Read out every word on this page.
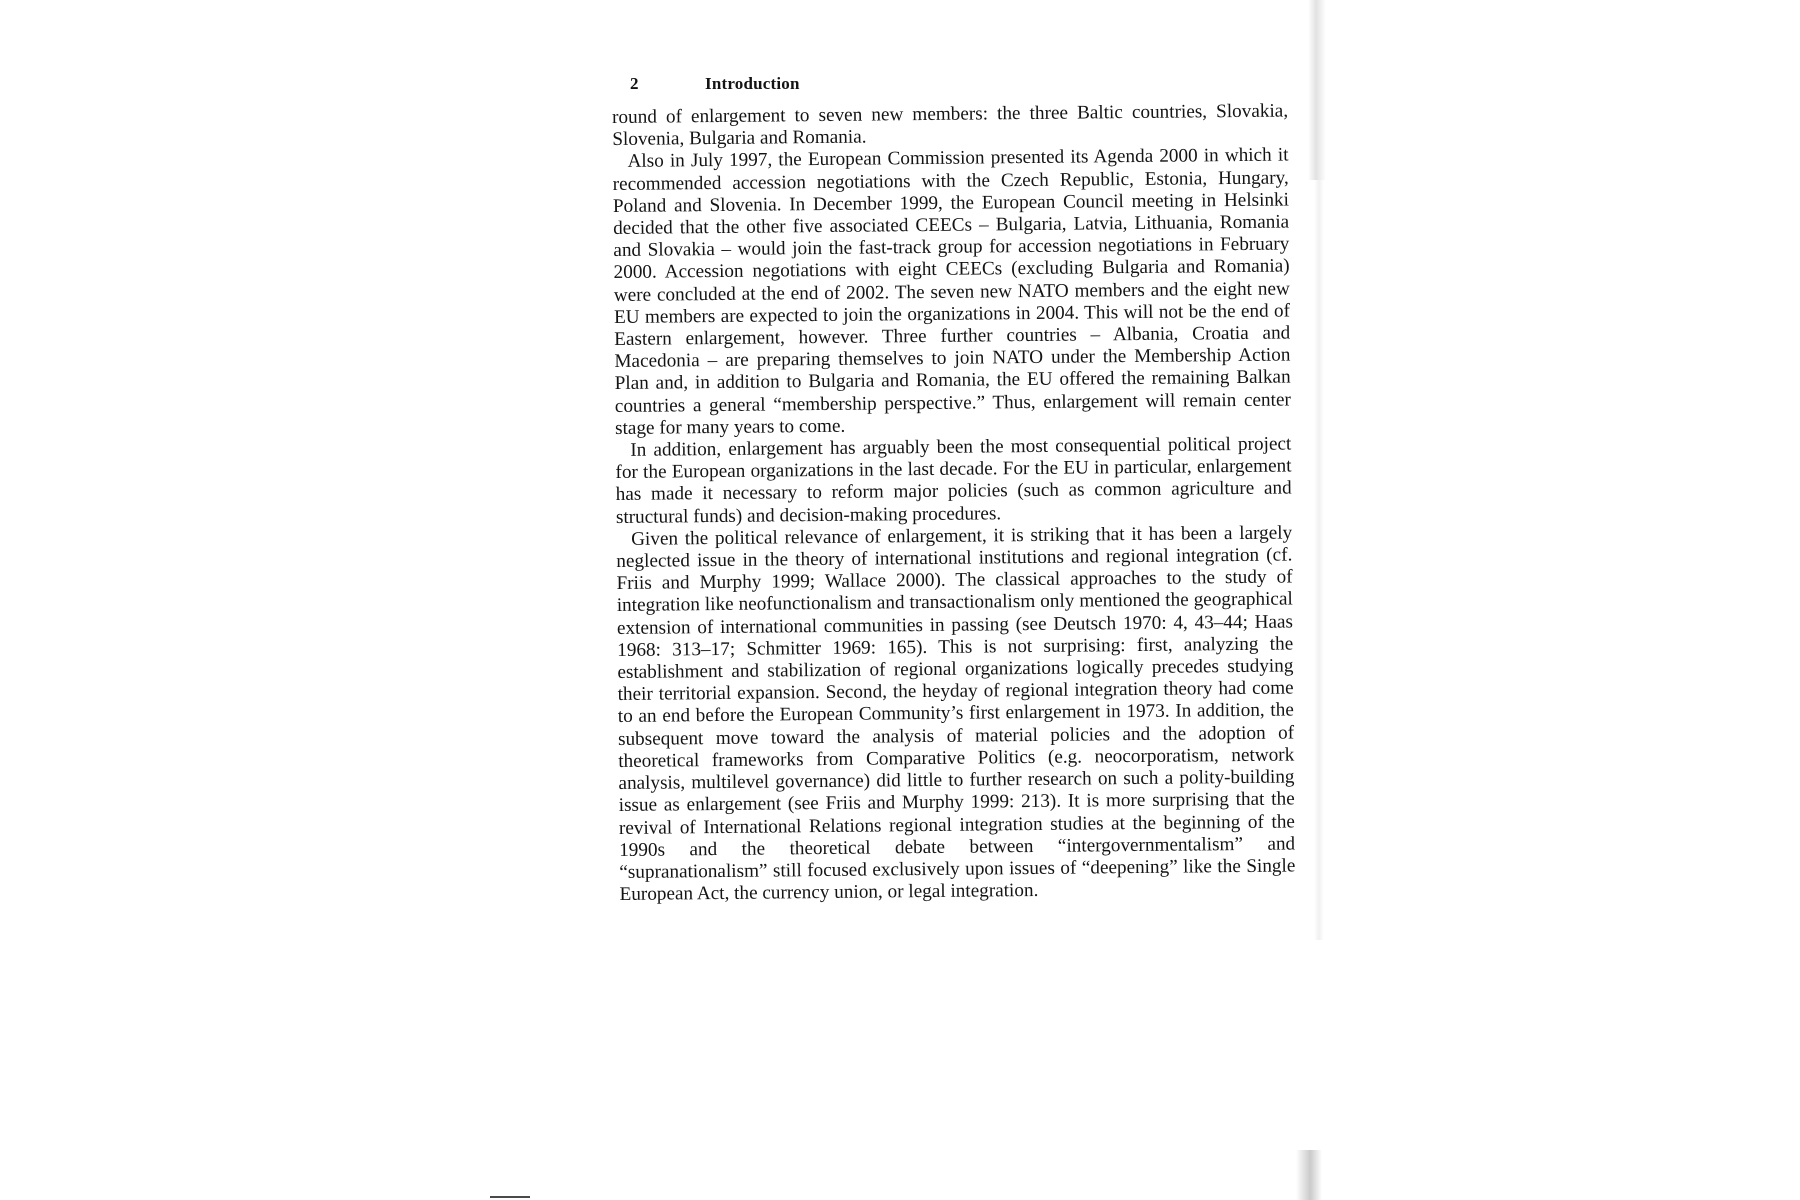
2	Introduction

round of enlargement to seven new members: the three Baltic countries, Slovakia, Slovenia, Bulgaria and Romania.

Also in July 1997, the European Commission presented its Agenda 2000 in which it recommended accession negotiations with the Czech Republic, Estonia, Hungary, Poland and Slovenia. In December 1999, the European Council meeting in Helsinki decided that the other five associated CEECs – Bulgaria, Latvia, Lithuania, Romania and Slovakia – would join the fast-track group for accession negotiations in February 2000. Accession negotiations with eight CEECs (excluding Bulgaria and Romania) were concluded at the end of 2002. The seven new NATO members and the eight new EU members are expected to join the organizations in 2004. This will not be the end of Eastern enlargement, however. Three further countries – Albania, Croatia and Macedonia – are preparing themselves to join NATO under the Membership Action Plan and, in addition to Bulgaria and Romania, the EU offered the remaining Balkan countries a general “membership perspective.” Thus, enlargement will remain center stage for many years to come.

In addition, enlargement has arguably been the most consequential political project for the European organizations in the last decade. For the EU in particular, enlargement has made it necessary to reform major policies (such as common agriculture and structural funds) and decision-making procedures.

Given the political relevance of enlargement, it is striking that it has been a largely neglected issue in the theory of international institutions and regional integration (cf. Friis and Murphy 1999; Wallace 2000). The classical approaches to the study of integration like neofunctionalism and transactionalism only mentioned the geographical extension of international communities in passing (see Deutsch 1970: 4, 43–44; Haas 1968: 313–17; Schmitter 1969: 165). This is not surprising: first, analyzing the establishment and stabilization of regional organizations logically precedes studying their territorial expansion. Second, the heyday of regional integration theory had come to an end before the European Community’s first enlargement in 1973. In addition, the subsequent move toward the analysis of material policies and the adoption of theoretical frameworks from Comparative Politics (e.g. neocorporatism, network analysis, multilevel governance) did little to further research on such a polity-building issue as enlargement (see Friis and Murphy 1999: 213). It is more surprising that the revival of International Relations regional integration studies at the beginning of the 1990s and the theoretical debate between “intergovernmentalism” and “supranationalism” still focused exclusively upon issues of “deepening” like the Single European Act, the currency union, or legal integration.
